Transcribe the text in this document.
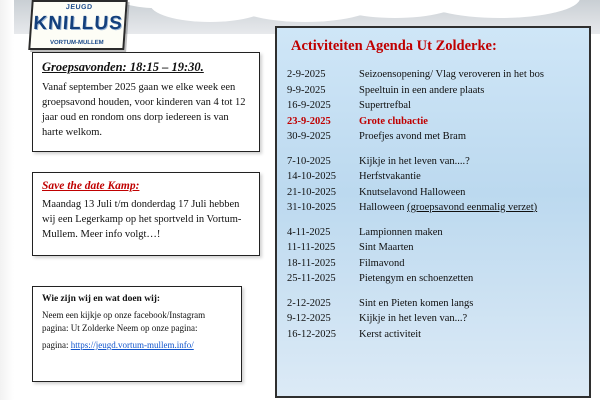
JEUGD
KNILLUS
VORTUM-MULLEM
Groepsavonden: 18:15 – 19:30.
Vanaf september 2025 gaan we elke week een groepsavond houden, voor kinderen van 4 tot 12 jaar oud en rondom ons dorp iedereen is van harte welkom.
Save the date Kamp:
Maandag 13 Juli t/m donderdag 17 Juli hebben wij een Legerkamp op het sportveld in Vortum-Mullem. Meer info volgt…!
Wie zijn wij en wat doen wij:
Neem een kijkje op onze facebook/Instagram pagina: Ut Zolderke Neem op onze pagina:
pagina: https://jeugd.vortum-mullem.info/
Activiteiten Agenda Ut Zolderke:
2-9-2025	Seizoensopening/ Vlag veroveren in het bos
9-9-2025	Speeltuin in een andere plaats
16-9-2025	Supertrefbal
23-9-2025	Grote clubactie
30-9-2025	Proefjes avond met Bram
7-10-2025	Kijkje in het leven van....?
14-10-2025	Herfstvakantie
21-10-2025	Knutselavond Halloween
31-10-2025	Halloween (groepsavond eenmalig verzet)
4-11-2025	Lampionnen maken
11-11-2025	Sint Maarten
18-11-2025	Filmavond
25-11-2025	Pietengym en schoenzetten
2-12-2025	Sint en Pieten komen langs
9-12-2025	Kijkje in het leven van...?
16-12-2025	Kerst activiteit
